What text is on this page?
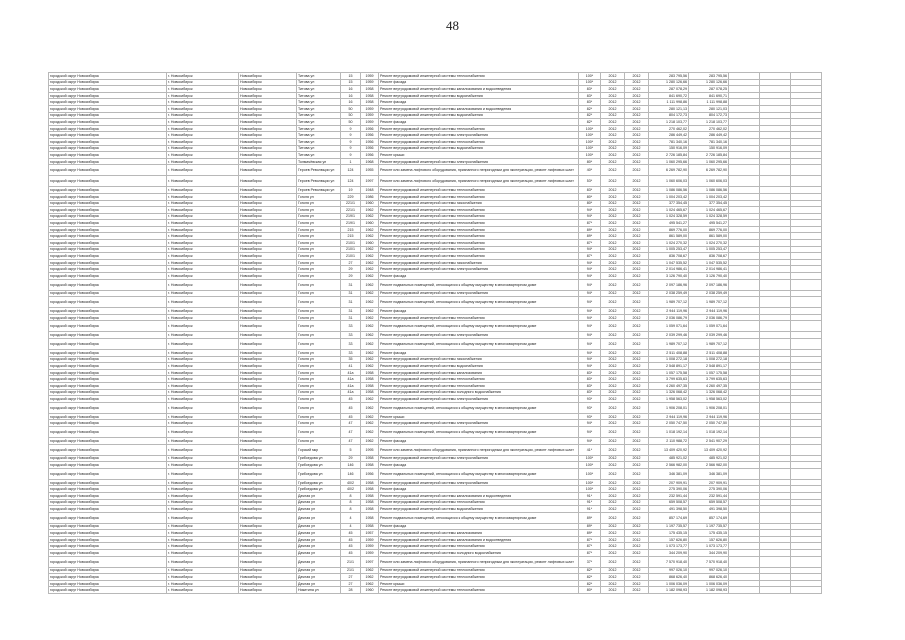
48
городской округ Новосибирск	г. Новосибирск	Новосибирск	Титова ул	15	1959	Ремонт внутридомовой инженерной системы теплоснабжения	100*	2012	2012	283 795,56	283 795,56			
городской округ Новосибирск	г. Новосибирск	Новосибирск	Титова ул	15	1959	Ремонт фасада	100*	2012	2012	1 280 126,66	1 280 126,66			
городской округ Новосибирск	г. Новосибирск	Новосибирск	Титова ул	16	1958	Ремонт внутридомовой инженерной системы канализования и водоотведения	83*	2012	2012	287 078,29	287 078,25			
городской округ Новосибирск	г. Новосибирск	Новосибирск	Титова ул	16	1958	Ремонт внутридомовой инженерной системы водоснабжения	83*	2012	2012	841 690,72	841 690,71			
городской округ Новосибирск	г. Новосибирск	Новосибирск	Титова ул	16	1958	Ремонт фасада	83*	2012	2012	1 111 998,86	1 111 998,88			
городской округ Новосибирск	г. Новосибирск	Новосибирск	Титова ул	50	1959	Ремонт внутридомовой инженерной системы канализования и водоотведения	82*	2012	2012	280 121,13	280 121,03			
городской округ Новосибирск	г. Новосибирск	Новосибирск	Титова ул	50	1959	Ремонт внутридомовой инженерной системы водоснабжения	82*	2012	2012	804 172,73	804 172,73			
городской округ Новосибирск	г. Новосибирск	Новосибирск	Титова ул	50	1959	Ремонт фасада	82*	2012	2012	1 218 103,77	1 218 103,77			
городской округ Новосибирск	г. Новосибирск	Новосибирск	Титова ул	9	1956	Ремонт внутридомовой инженерной системы теплоснабжения	100*	2012	2012	270 462,02	270 462,02			
городской округ Новосибирск	г. Новосибирск	Новосибирск	Титова ул	9	1956	Ремонт внутридомовой инженерной системы электроснабжения	100*	2012	2012	286 449,42	286 449,42			
городской округ Новосибирск	г. Новосибирск	Новосибирск	Титова ул	9	1956	Ремонт внутридомовой инженерной системы теплоснабжения	100*	2012	2012	781 340,16	781 340,16			
городской округ Новосибирск	г. Новосибирск	Новосибирск	Титова ул	9	1956	Ремонт внутридомовой инженерной системы водоснабжения	100*	2012	2012	150 916,09	150 916,09			
городской округ Новосибирск	г. Новосибирск	Новосибирск	Титова ул	9	1956	Ремонт крыши	100*	2012	2012	2 726 185,84	2 726 185,84			
городской округ Новосибирск	г. Новосибирск	Новосибирск	Толмачёвская ул	1	1968	Ремонт внутридомовой инженерной системы электроснабжения	80*	2012	2012	1 060 295,66	1 060 295,66			
городской округ Новосибирск	г. Новосибирск	Новосибирск	Героев Революции ул	124	1955	Ремонт или замена лифтового оборудования, признанного непригодным для эксплуатации, ремонт лифтовых шахт	40*	2012	2012	6 269 782,90	6 269 782,90			
городской округ Новосибирск	г. Новосибирск	Новосибирск	Героев Революции ул	124	1997	Ремонт или замена лифтового оборудования, признанного непригодным для эксплуатации, ремонт лифтовых шахт	53*	2012	2012	1 060 606,03	1 060 606,03			
городской округ Новосибирск	г. Новосибирск	Новосибирск	Героев Революции ул	19	1948	Ремонт внутридомовой инженерной системы теплоснабжения	83*	2012	2012	1 086 086,56	1 086 086,56			
городской округ Новосибирск	г. Новосибирск	Новосибирск	Гоголя ул	229	1986	Ремонт внутридомовой инженерной системы теплоснабжения	80*	2012	2012	1 004 203,42	1 004 203,42			
городской округ Новосибирск	г. Новосибирск	Новосибирск	Гоголя ул	221/1	1960	Ремонт внутридомовой инженерной системы газоснабжения	80*	2012	2012	377 354,45	377 354,45			
городской округ Новосибирск	г. Новосибирск	Новосибирск	Гоголя ул	221/1	1962	Ремонт внутридомовой инженерной системы теплоснабжения	94*	2012	2012	1 024 465,67	1 024 465,67			
городской округ Новосибирск	г. Новосибирск	Новосибирск	Гоголя ул	219/1	1962	Ремонт внутридомовой инженерной системы теплоснабжения	94*	2012	2012	1 024 328,59	1 024 328,59			
городской округ Новосибирск	г. Новосибирск	Новосибирск	Гоголя ул	219/1	1960	Ремонт внутридомовой инженерной системы теплоснабжения	87*	2012	2012	495 541,27	495 541,27			
городской округ Новосибирск	г. Новосибирск	Новосибирск	Гоголя ул	215	1962	Ремонт внутридомовой инженерной системы теплоснабжения	89*	2012	2012	869 776,00	869 776,00			
городской округ Новосибирск	г. Новосибирск	Новосибирск	Гоголя ул	215	1962	Ремонт внутридомовой инженерной системы теплоснабжения	89*	2012	2012	861 589,00	861 589,00			
городской округ Новосибирск	г. Новосибирск	Новосибирск	Гоголя ул	210/1	1960	Ремонт внутридомовой инженерной системы теплоснабжения	87*	2012	2012	1 024 270,32	1 024 270,32			
городской округ Новосибирск	г. Новосибирск	Новосибирск	Гоголя ул	210/1	1962	Ремонт внутридомовой инженерной системы теплоснабжения	94*	2012	2012	1 005 253,47	1 005 253,47			
городской округ Новосибирск	г. Новосибирск	Новосибирск	Гоголя ул	210/1	1962	Ремонт внутридомовой инженерной системы теплоснабжения	87*	2012	2012	836 708,67	836 708,67			
городской округ Новосибирск	г. Новосибирск	Новосибирск	Гоголя ул	27	1962	Ремонт внутридомовой инженерной системы газоснабжения	94*	2012	2012	1 047 535,52	1 047 535,52			
городской округ Новосибирск	г. Новосибирск	Новосибирск	Гоголя ул	29	1962	Ремонт внутридомовой инженерной системы электроснабжения	94*	2012	2012	2 014 986,41	2 014 986,41			
городской округ Новосибирск	г. Новосибирск	Новосибирск	Гоголя ул	29	1962	Ремонт фасада	94*	2012	2012	3 126 790,40	3 126 790,40			
городской округ Новосибирск	г. Новосибирск	Новосибирск	Гоголя ул	31	1962	Ремонт подвальных помещений, относящихся к общему имуществу в многоквартирном доме	94*	2012	2012	2 097 186,96	2 097 186,96			
городской округ Новосибирск	г. Новосибирск	Новосибирск	Гоголя ул	31	1962	Ремонт внутридомовой инженерной системы электроснабжения	94*	2012	2012	2 038 259,49	2 038 259,49			
городской округ Новосибирск	г. Новосибирск	Новосибирск	Гоголя ул	31	1962	Ремонт подвальных помещений, относящихся к общему имуществу в многоквартирном доме	94*	2012	2012	1 989 707,12	1 989 707,12			
городской округ Новосибирск	г. Новосибирск	Новосибирск	Гоголя ул	31	1962	Ремонт фасада	94*	2012	2012	2 944 119,96	2 944 119,96			
городской округ Новосибирск	г. Новосибирск	Новосибирск	Гоголя ул	31	1962	Ремонт внутридомовой инженерной системы теплоснабжения	94*	2012	2012	2 036 086,79	2 036 086,79			
городской округ Новосибирск	г. Новосибирск	Новосибирск	Гоголя ул	33	1962	Ремонт подвальных помещений, относящихся к общему имуществу в многоквартирном доме	94*	2012	2012	1 059 071,64	1 059 071,64			
городской округ Новосибирск	г. Новосибирск	Новосибирск	Гоголя ул	33	1962	Ремонт внутридомовой инженерной системы электроснабжения	94*	2012	2012	2 039 299,46	2 039 299,46			
городской округ Новосибирск	г. Новосибирск	Новосибирск	Гоголя ул	33	1962	Ремонт подвальных помещений, относящихся к общему имуществу в многоквартирном доме	94*	2012	2012	1 989 707,12	1 989 707,12			
городской округ Новосибирск	г. Новосибирск	Новосибирск	Гоголя ул	33	1962	Ремонт фасада	94*	2012	2012	2 511 408,88	2 511 408,88			
городской округ Новосибирск	г. Новосибирск	Новосибирск	Гоголя ул	35	1962	Ремонт внутридомовой инженерной системы газоснабжения	94*	2012	2012	1 008 272,18	1 008 272,18			
городской округ Новосибирск	г. Новосибирск	Новосибирск	Гоголя ул	41	1962	Ремонт внутридомовой инженерной системы водоснабжения	94*	2012	2012	2 548 891,17	2 548 891,17			
городской округ Новосибирск	г. Новосибирск	Новосибирск	Гоголя ул	41а	1958	Ремонт внутридомовой инженерной системы канализования	83*	2012	2012	1 057 175,58	1 057 175,58			
городской округ Новосибирск	г. Новосибирск	Новосибирск	Гоголя ул	41а	1958	Ремонт внутридомовой инженерной системы теплоснабжения	83*	2012	2012	3 799 635,63	3 799 635,63			
городской округ Новосибирск	г. Новосибирск	Новосибирск	Гоголя ул	41а	1958	Ремонт внутридомовой инженерной системы теплоснабжения	83*	2012	2012	4 260 497,35	4 260 497,35			
городской округ Новосибирск	г. Новосибирск	Новосибирск	Гоголя ул	41а	1958	Ремонт внутридомовой инженерной системы холодного водоснабжения	83*	2012	2012	1 326 068,42	1 326 068,42			
городской округ Новосибирск	г. Новосибирск	Новосибирск	Гоголя ул	45	1962	Ремонт внутридомовой инженерной системы электроснабжения	93*	2012	2012	1 958 563,02	1 958 563,02			
городской округ Новосибирск	г. Новосибирск	Новосибирск	Гоголя ул	45	1962	Ремонт подвальных помещений, относящихся к общему имуществу в многоквартирном доме	93*	2012	2012	1 906 208,01	1 906 208,01			
городской округ Новосибирск	г. Новосибирск	Новосибирск	Гоголя ул	45	1962	Ремонт крыши	93*	2012	2012	2 944 119,96	2 944 119,96			
городской округ Новосибирск	г. Новосибирск	Новосибирск	Гоголя ул	47	1962	Ремонт внутридомовой инженерной системы электроснабжения	94*	2012	2012	2 050 747,50	2 050 747,50			
городской округ Новосибирск	г. Новосибирск	Новосибирск	Гоголя ул	47	1962	Ремонт подвальных помещений, относящихся к общему имуществу в многоквартирном доме	94*	2012	2012	1 018 192,14	1 018 192,14			
городской округ Новосибирск	г. Новосибирск	Новосибирск	Гоголя ул	47	1962	Ремонт фасада	94*	2012	2012	2 110 988,72	2 541 907,29			
городской округ Новосибирск	г. Новосибирск	Новосибирск	Горский мкр	5	1995	Ремонт или замена лифтового оборудования, признанного непригодным для эксплуатации, ремонт лифтовых шахт	41*	2012	2012	13 409 420,92	13 409 420,92			
городской округ Новосибирск	г. Новосибирск	Новосибирск	Грибоедова ул	29	1958	Ремонт внутридомовой инженерной системы электроснабжения	100*	2012	2012	485 921,02	485 921,02			
городской округ Новосибирск	г. Новосибирск	Новосибирск	Грибоедова ул	146	1958	Ремонт фасада	100*	2012	2012	2 566 982,00	2 566 982,00			
городской округ Новосибирск	г. Новосибирск	Новосибирск	Грибоедова ул	146	1956	Ремонт подвальных помещений, относящихся к общему имуществу в многоквартирном доме	100*	2012	2012	346 381,09	346 381,09			
городской округ Новосибирск	г. Новосибирск	Новосибирск	Грибоедова ул	40/2	1958	Ремонт внутридомовой инженерной системы электроснабжения	100*	2012	2012	207 909,91	207 909,91			
городской округ Новосибирск	г. Новосибирск	Новосибирск	Грибоедова ул	40/2	1958	Ремонт фасада	100*	2012	2012	275 390,06	275 390,06			
городской округ Новосибирск	г. Новосибирск	Новосибирск	Дачная ул	8	1958	Ремонт внутридомовой инженерной системы канализования и водоотведения	91*	2012	2012	232 591,44	232 591,44			
городской округ Новосибирск	г. Новосибирск	Новосибирск	Дачная ул	8	1958	Ремонт внутридомовой инженерной системы теплоснабжения	91*	2012	2012	659 508,57	659 508,57			
городской округ Новосибирск	г. Новосибирск	Новосибирск	Дачная ул	8	1958	Ремонт внутридомовой инженерной системы водоснабжения	91*	2012	2012	491 398,50	491 398,50			
городской округ Новосибирск	г. Новосибирск	Новосибирск	Дачная ул	4	1958	Ремонт подвальных помещений, относящихся к общему имуществу в многоквартирном доме	89*	2012	2012	857 174,69	857 174,69			
городской округ Новосибирск	г. Новосибирск	Новосибирск	Дачная ул	4	1958	Ремонт фасада	89*	2012	2012	1 197 735,57	1 197 735,57			
городской округ Новосибирск	г. Новосибирск	Новосибирск	Дачная ул	45	1957	Ремонт внутридомовой инженерной системы канализования	89*	2012	2012	175 435,15	175 435,15			
городской округ Новосибирск	г. Новосибирск	Новосибирск	Дачная ул	45	1959	Ремонт внутридомовой инженерной системы канализования и водоотведения	87*	2012	2012	157 626,80	157 626,80			
городской округ Новосибирск	г. Новосибирск	Новосибирск	Дачная ул	45	1959	Ремонт внутридомовой инженерной системы теплоснабжения	87*	2012	2012	1 073 173,77	1 073 173,77			
городской округ Новосибирск	г. Новосибирск	Новосибирск	Дачная ул	45	1959	Ремонт внутридомовой инженерной системы холодного водоснабжения	87*	2012	2012	344 209,90	344 209,90			
городской округ Новосибирск	г. Новосибирск	Новосибирск	Дачная ул	21/1	1997	Ремонт или замена лифтового оборудования, признанного непригодным для эксплуатации, ремонт лифтовых шахт	37*	2012	2012	7 570 918,40	7 570 918,40			
городской округ Новосибирск	г. Новосибирск	Новосибирск	Дачная ул	21/1	1962	Ремонт внутридомовой инженерной системы теплоснабжения	82*	2012	2012	997 026,10	997 026,10			
городской округ Новосибирск	г. Новосибирск	Новосибирск	Дачная ул	27	1962	Ремонт внутридомовой инженерной системы теплоснабжения	82*	2012	2012	868 626,40	868 626,40			
городской округ Новосибирск	г. Новосибирск	Новосибирск	Дачная ул	27	1962	Ремонт крыши	82*	2012	2012	1 006 036,09	1 006 036,09			
городской округ Новосибирск	г. Новосибирск	Новосибирск	Никитина ул	28	1960	Ремонт внутридомовой инженерной системы теплоснабжения	80*	2012	2012	1 182 098,93	1 182 098,93			
